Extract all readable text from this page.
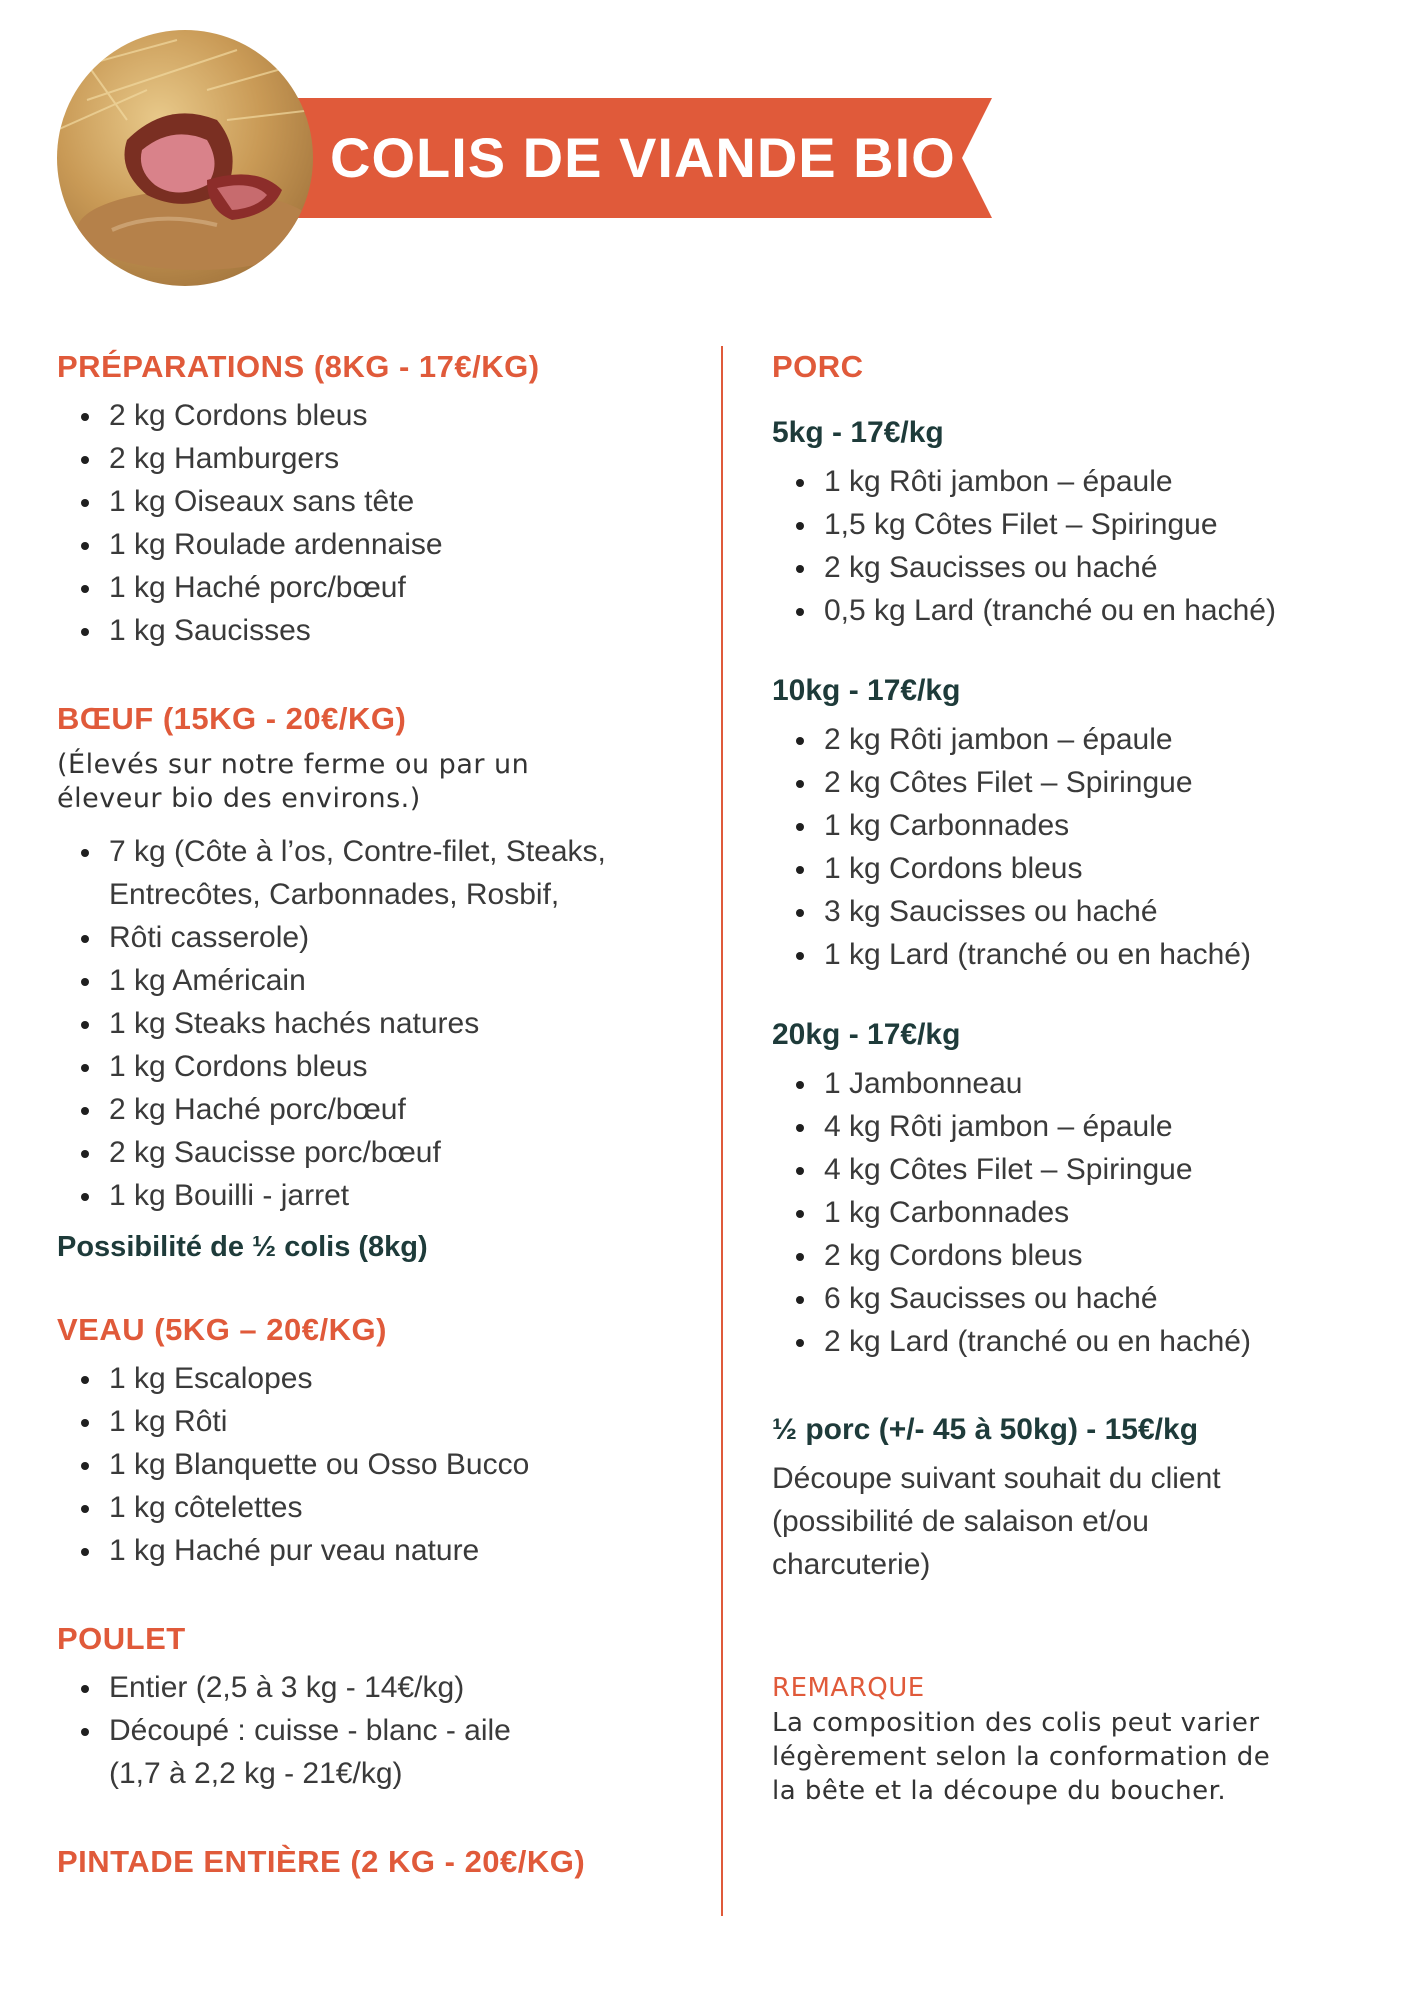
COLIS DE VIANDE BIO
PRÉPARATIONS (8KG - 17€/KG)
2 kg Cordons bleus
2 kg Hamburgers
1 kg Oiseaux sans tête
1 kg Roulade ardennaise
1 kg Haché porc/bœuf
1 kg Saucisses
BŒUF (15KG - 20€/KG)
(Élevés sur notre ferme ou par un
éleveur bio des environs.)
7 kg (Côte à l’os, Contre-filet, Steaks,
Entrecôtes, Carbonnades, Rosbif,
Rôti casserole)
1 kg Américain
1 kg Steaks hachés natures
1 kg Cordons bleus
2 kg Haché porc/bœuf
2 kg Saucisse porc/bœuf
1 kg Bouilli - jarret

Possibilité de ½ colis (8kg)

VEAU (5KG – 20€/KG)
1 kg Escalopes
1 kg Rôti
1 kg Blanquette ou Osso Bucco
1 kg côtelettes
1 kg Haché pur veau nature
POULET
Entier (2,5 à 3 kg - 14€/kg)
Découpé : cuisse - blanc - aile
(1,7 à 2,2 kg - 21€/kg)
PINTADE ENTIÈRE (2 KG - 20€/KG)
PORC
5kg - 17€/kg
1 kg Rôti jambon – épaule
1,5 kg Côtes Filet – Spiringue
2 kg Saucisses ou haché
0,5 kg Lard (tranché ou en haché)
10kg - 17€/kg
2 kg Rôti jambon – épaule
2 kg Côtes Filet – Spiringue
1 kg Carbonnades
1 kg Cordons bleus
3 kg Saucisses ou haché
1 kg Lard (tranché ou en haché)
20kg - 17€/kg
1 Jambonneau
4 kg Rôti jambon – épaule
4 kg Côtes Filet – Spiringue
1 kg Carbonnades
2 kg Cordons bleus
6 kg Saucisses ou haché
2 kg Lard (tranché ou en haché)
½ porc (+/- 45 à 50kg) - 15€/kg

Découpe suivant souhait du client

(possibilité de salaison et/ou

charcuterie)

REMARQUE

La composition des colis peut varier

légèrement selon la conformation de

la bête et la découpe du boucher.
